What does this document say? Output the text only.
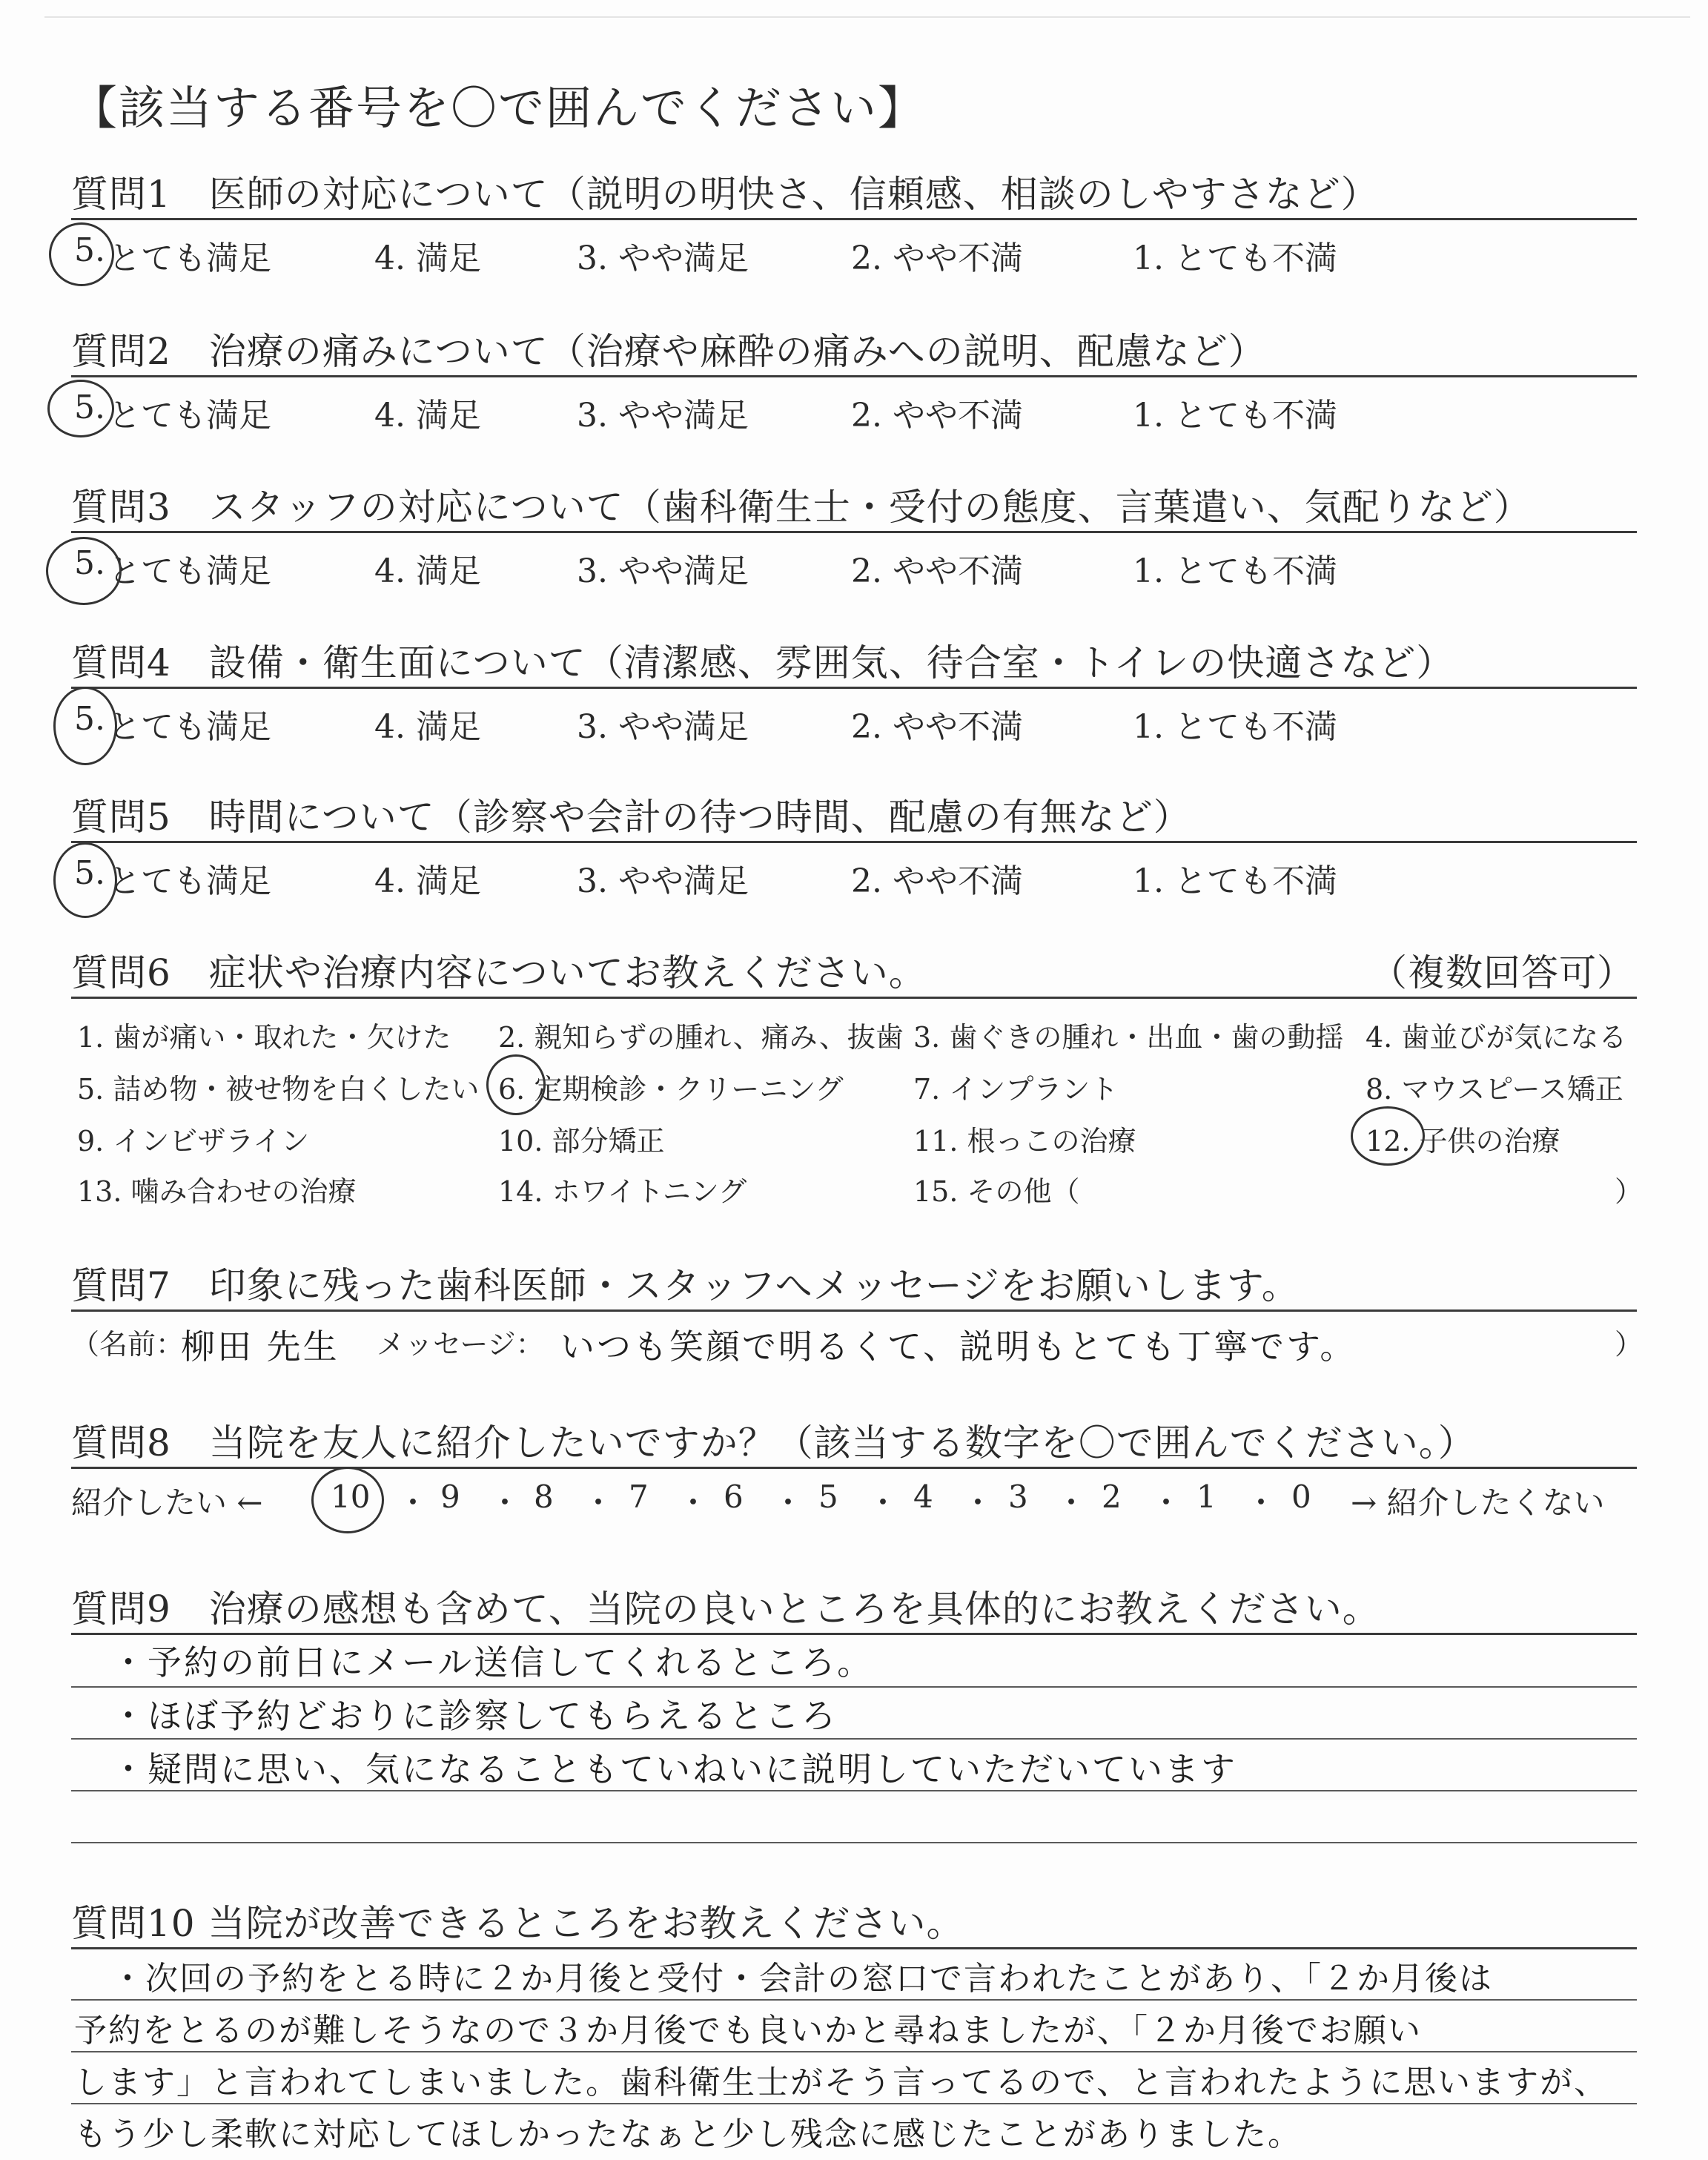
【該当する番号を〇で囲んでください】
質問1　医師の対応について（説明の明快さ、信頼感、相談のしやすさなど）
5. とても満足	4. 満足	3. やや満足	2. やや不満	1. とても不満
質問2　治療の痛みについて（治療や麻酔の痛みへの説明、配慮など）
5. とても満足	4. 満足	3. やや満足	2. やや不満	1. とても不満
質問3　スタッフの対応について（歯科衛生士・受付の態度、言葉遣い、気配りなど）
5. とても満足	4. 満足	3. やや満足	2. やや不満	1. とても不満
質問4　設備・衛生面について（清潔感、雰囲気、待合室・トイレの快適さなど）
5. とても満足	4. 満足	3. やや満足	2. やや不満	1. とても不満
質問5　時間について（診察や会計の待つ時間、配慮の有無など）
5. とても満足	4. 満足	3. やや満足	2. やや不満	1. とても不満
質問6　症状や治療内容についてお教えください。	（複数回答可）
1. 歯が痛い・取れた・欠けた 2. 親知らずの腫れ、痛み、抜歯 3. 歯ぐきの腫れ・出血・歯の動揺 4. 歯並びが気になる
5. 詰め物・被せ物を白くしたい 6. 定期検診・クリーニング 7. インプラント	8. マウスピース矯正
9. インビザライン	10. 部分矯正	11. 根っこの治療	12. 子供の治療
13. 噛み合わせの治療	14. ホワイトニング	15. その他（	）
質問7　印象に残った歯科医師・スタッフへメッセージをお願いします。
（名前：
柳田 先生 メッセージ： いつも笑顔で明るくて、説明もとても丁寧です。	）
質問8　当院を友人に紹介したいですか？（該当する数字を〇で囲んでください。）
紹介したい ← 10 ・ 9 ・ 8 ・ 7 ・ 6 ・ 5 ・ 4 ・ 3 ・ 2 ・ 1 ・ 0 → 紹介したくない
質問9　治療の感想も含めて、当院の良いところを具体的にお教えください。
・予約の前日にメール送信してくれるところ。
・ほぼ予約どおりに診察してもらえるところ
・疑問に思い、気になることもていねいに説明していただいています
質問10 当院が改善できるところをお教えください。
・次回の予約をとる時に２か月後と受付・会計の窓口で言われたことがあり、「２か月後は
予約をとるのが難しそうなので３か月後でも良いかと尋ねましたが、「２か月後でお願い
します」と言われてしまいました。歯科衛生士がそう言ってるので、と言われたように思いますが、
もう少し柔軟に対応してほしかったなぁと少し残念に感じたことがありました。
